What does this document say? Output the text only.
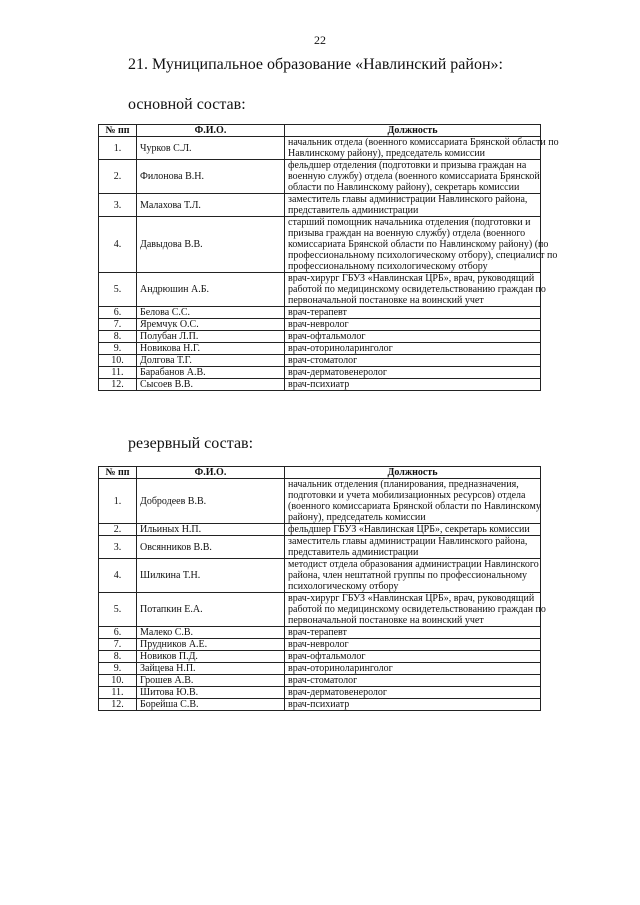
22
21. Муниципальное образование «Навлинский район»:
основной состав:
№ пп	Ф.И.О.	Должность
1.	Чурков С.Л.	начальник отдела (военного комиссариата Брянской области по
Навлинскому району), председатель комиссии

2.	Филонова В.Н.	фельдшер отделения (подготовки и призыва граждан на
военную службу) отдела (военного комиссариата Брянской
области по Навлинскому району), секретарь комиссии

3.	Малахова Т.Л.	заместитель главы администрации Навлинского района,
представитель администрации

4.	Давыдова В.В.	старший помощник начальника отделения (подготовки и
призыва граждан на военную службу) отдела (военного
комиссариата Брянской области по Навлинскому району) (по
профессиональному психологическому отбору), специалист по
профессиональному психологическому отбору

5.	Андрюшин А.Б.	врач-хирург ГБУЗ «Навлинская ЦРБ», врач, руководящий
работой по медицинскому освидетельствованию граждан по
первоначальной постановке на воинский учет

6.	Белова С.С.	врач-терапевт

7.	Яремчук О.С.	врач-невролог

8.	Полубан Л.П.	врач-офтальмолог

9.	Новикова Н.Г.	врач-оториноларинголог

10.	Долгова Т.Г.	врач-стоматолог

11.	Барабанов А.В.	врач-дерматовенеролог

12.	Сысоев В.В.	врач-психиатр
резервный состав:
№ пп	Ф.И.О.	Должность
1.	Добродеев В.В.	начальник отделения (планирования, предназначения,
подготовки и учета мобилизационных ресурсов) отдела
(военного комиссариата Брянской области по Навлинскому
району), председатель комиссии

2.	Ильиных Н.П.	фельдшер ГБУЗ «Навлинская ЦРБ», секретарь комиссии

3.	Овсянников В.В.	заместитель главы администрации Навлинского района,
представитель администрации

4.	Шилкина Т.Н.	методист отдела образования администрации Навлинского
района, член нештатной группы по профессиональному
психологическому отбору

5.	Потапкин Е.А.	врач-хирург ГБУЗ «Навлинская ЦРБ», врач, руководящий
работой по медицинскому освидетельствованию граждан по
первоначальной постановке на воинский учет

6.	Малеко С.В.	врач-терапевт

7.	Прудников А.Е.	врач-невролог

8.	Новиков П.Д.	врач-офтальмолог

9.	Зайцева Н.П.	врач-оториноларинголог

10.	Грошев А.В.	врач-стоматолог

11.	Шитова Ю.В.	врач-дерматовенеролог

12.	Борейша С.В.	врач-психиатр
